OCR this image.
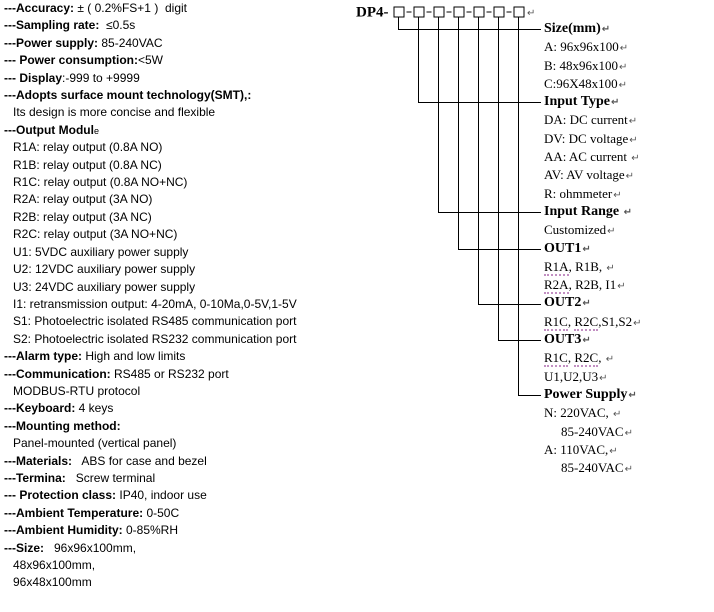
---Accuracy: ± ( 0.2%FS+1 )  digit
---Sampling rate:  ≤0.5s
---Power supply: 85-240VAC
--- Power consumption:<5W
--- Display:-999 to +9999
---Adopts surface mount technology(SMT),:
Its design is more concise and flexible
---Output Module
R1A: relay output (0.8A NO)
R1B: relay output (0.8A NC)
R1C: relay output (0.8A NO+NC)
R2A: relay output (3A NO)
R2B: relay output (3A NC)
R2C: relay output (3A NO+NC)
U1: 5VDC auxiliary power supply
U2: 12VDC auxiliary power supply
U3: 24VDC auxiliary power supply
I1: retransmission output: 4-20mA, 0-10Ma,0-5V,1-5V
S1: Photoelectric isolated RS485 communication port
S2: Photoelectric isolated RS232 communication port
---Alarm type: High and low limits
---Communication: RS485 or RS232 port
MODBUS-RTU protocol
---Keyboard: 4 keys
---Mounting method:
Panel-mounted (vertical panel)
---Materials:   ABS for case and bezel
---Termina:   Screw terminal
--- Protection class: IP40, indoor use
---Ambient Temperature: 0-50C
---Ambient Humidity: 0-85%RH
---Size:   96x96x100mm,
48x96x100mm,
96x48x100mm
DP4-	↵
Size(mm)↵
A: 96x96x100↵
B: 48x96x100↵
C:96X48x100↵
Input Type↵
DA: DC current↵
DV: DC voltage↵
AA: AC current ↵
AV: AV voltage↵
R: ohmmeter↵
Input Range ↵
Customized↵
OUT1↵
R1A, R1B, ↵
R2A, R2B, I1↵
OUT2↵
R1C, R2C,S1,S2↵
OUT3↵
R1C, R2C, ↵
U1,U2,U3↵
Power Supply↵
N: 220VAC, ↵
85-240VAC↵
A: 110VAC,↵
85-240VAC↵
